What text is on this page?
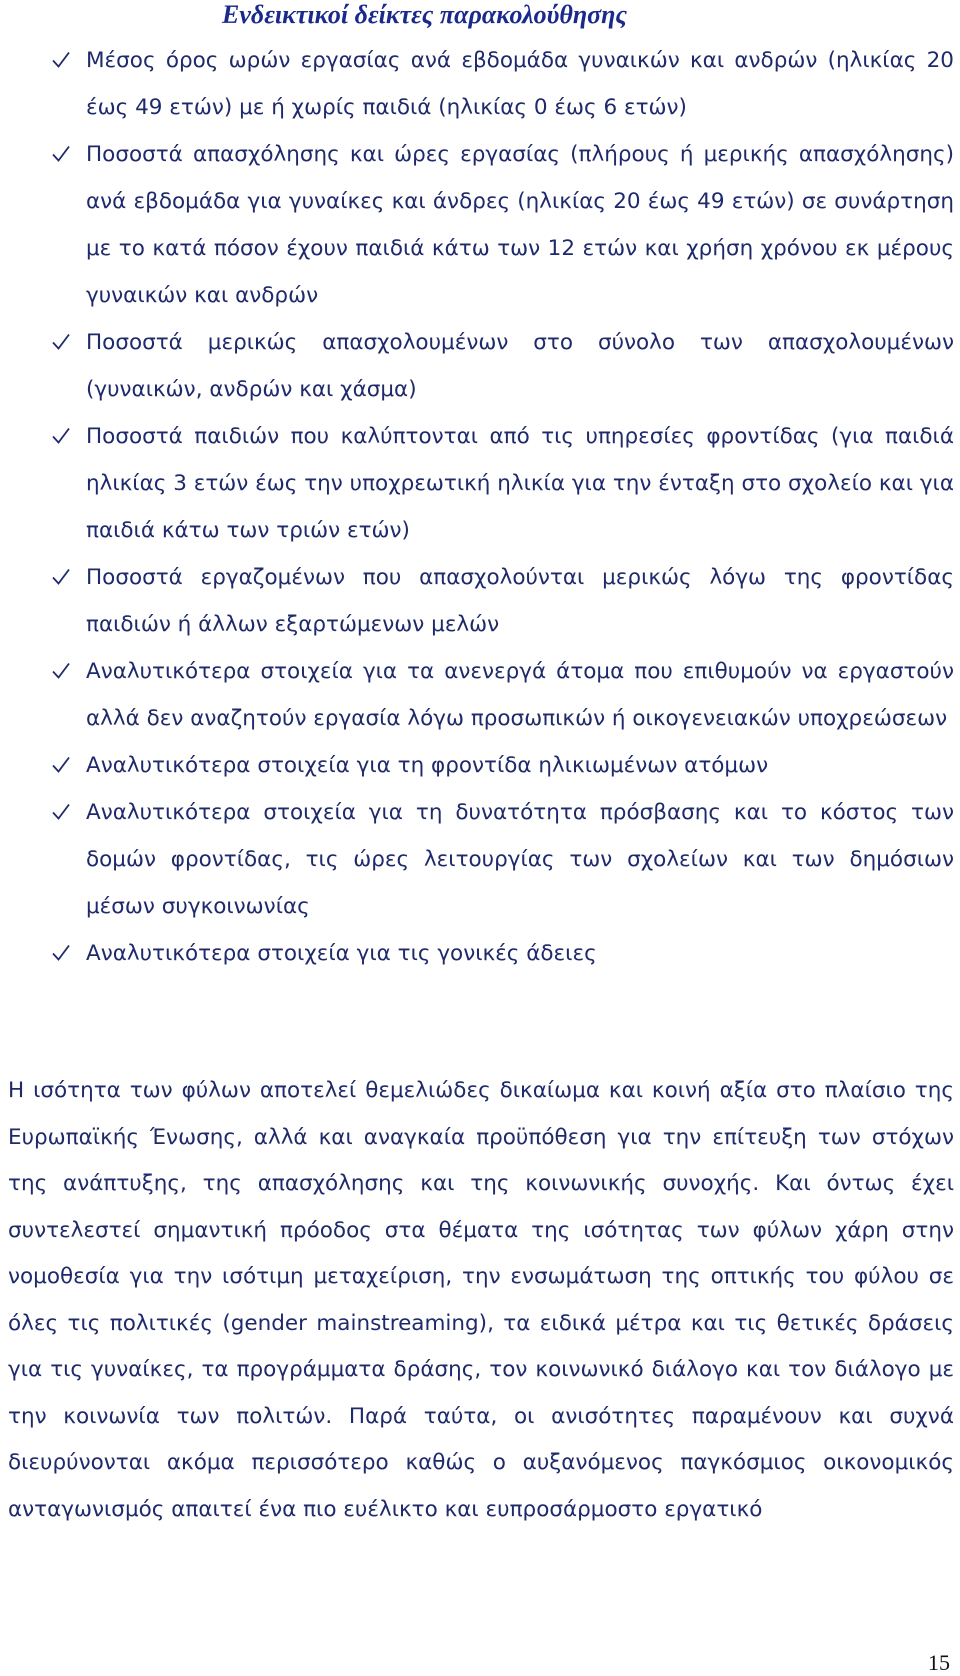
Ενδεικτικοί δείκτες παρακολούθησης
Μέσος όρος ωρών εργασίας ανά εβδομάδα γυναικών και ανδρών (ηλικίας 20 έως 49 ετών) με ή χωρίς παιδιά (ηλικίας 0 έως 6 ετών)
Ποσοστά απασχόλησης και ώρες εργασίας (πλήρους ή μερικής απασχόλησης) ανά εβδομάδα για γυναίκες και άνδρες (ηλικίας 20 έως 49 ετών) σε συνάρτηση με το κατά πόσον έχουν παιδιά κάτω των 12 ετών και χρήση χρόνου εκ μέρους γυναικών και ανδρών
Ποσοστά μερικώς απασχολουμένων στο σύνολο των απασχολουμένων (γυναικών, ανδρών και χάσμα)
Ποσοστά παιδιών που καλύπτονται από τις υπηρεσίες φροντίδας (για παιδιά ηλικίας 3 ετών έως την υποχρεωτική ηλικία για την ένταξη στο σχολείο και για παιδιά κάτω των τριών ετών)
Ποσοστά εργαζομένων που απασχολούνται μερικώς λόγω της φροντίδας παιδιών ή άλλων εξαρτώμενων μελών
Αναλυτικότερα στοιχεία για τα ανενεργά άτομα που επιθυμούν να εργαστούν αλλά δεν αναζητούν εργασία λόγω προσωπικών ή οικογενειακών υποχρεώσεων
Αναλυτικότερα στοιχεία για τη φροντίδα ηλικιωμένων ατόμων
Αναλυτικότερα στοιχεία για τη δυνατότητα πρόσβασης και το κόστος των δομών φροντίδας, τις ώρες λειτουργίας των σχολείων και των δημόσιων μέσων συγκοινωνίας
Αναλυτικότερα στοιχεία για τις γονικές άδειες

Η ισότητα των φύλων αποτελεί θεμελιώδες δικαίωμα και κοινή αξία στο πλαίσιο της Ευρωπαϊκής Ένωσης, αλλά και αναγκαία προϋπόθεση για την επίτευξη των στόχων της ανάπτυξης, της απασχόλησης και της κοινωνικής συνοχής. Και όντως έχει συντελεστεί σημαντική πρόοδος στα θέματα της ισότητας των φύλων χάρη στην νομοθεσία για την ισότιμη μεταχείριση, την ενσωμάτωση της οπτικής του φύλου σε όλες τις πολιτικές (gender mainstreaming), τα ειδικά μέτρα και τις θετικές δράσεις για τις γυναίκες, τα προγράμματα δράσης, τον κοινωνικό διάλογο και τον διάλογο με την κοινωνία των πολιτών. Παρά ταύτα, οι ανισότητες παραμένουν και συχνά διευρύνονται ακόμα περισσότερο καθώς ο αυξανόμενος παγκόσμιος οικονομικός ανταγωνισμός απαιτεί ένα πιο ευέλικτο και ευπροσάρμοστο εργατικό

15
